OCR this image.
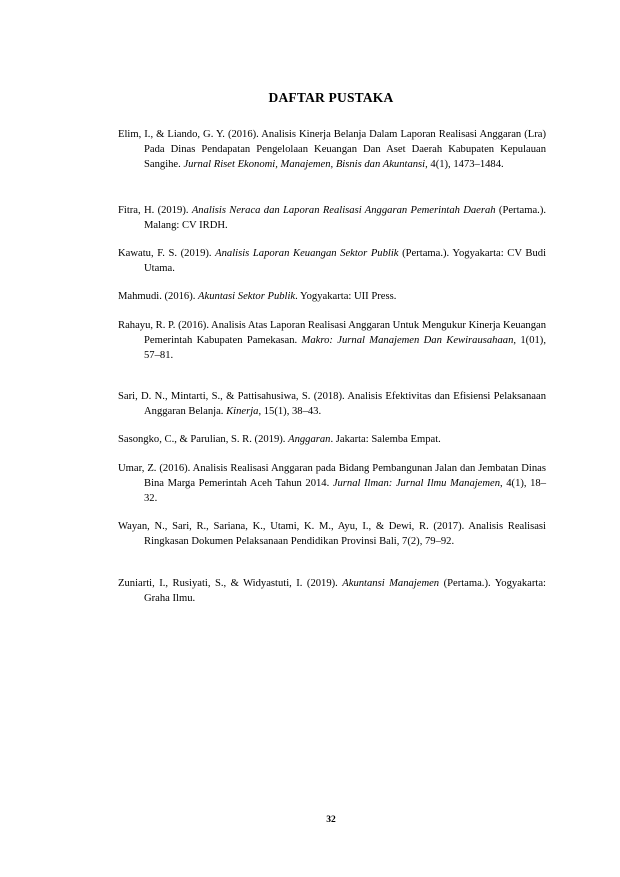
DAFTAR PUSTAKA
Elim, I., & Liando, G. Y. (2016). Analisis Kinerja Belanja Dalam Laporan Realisasi Anggaran (Lra) Pada Dinas Pendapatan Pengelolaan Keuangan Dan Aset Daerah Kabupaten Kepulauan Sangihe. Jurnal Riset Ekonomi, Manajemen, Bisnis dan Akuntansi, 4(1), 1473–1484.
Fitra, H. (2019). Analisis Neraca dan Laporan Realisasi Anggaran Pemerintah Daerah (Pertama.). Malang: CV IRDH.
Kawatu, F. S. (2019). Analisis Laporan Keuangan Sektor Publik (Pertama.). Yogyakarta: CV Budi Utama.
Mahmudi. (2016). Akuntasi Sektor Publik. Yogyakarta: UII Press.
Rahayu, R. P. (2016). Analisis Atas Laporan Realisasi Anggaran Untuk Mengukur Kinerja Keuangan Pemerintah Kabupaten Pamekasan. Makro: Jurnal Manajemen Dan Kewirausahaan, 1(01), 57–81.
Sari, D. N., Mintarti, S., & Pattisahusiwa, S. (2018). Analisis Efektivitas dan Efisiensi Pelaksanaan Anggaran Belanja. Kinerja, 15(1), 38–43.
Sasongko, C., & Parulian, S. R. (2019). Anggaran. Jakarta: Salemba Empat.
Umar, Z. (2016). Analisis Realisasi Anggaran pada Bidang Pembangunan Jalan dan Jembatan Dinas Bina Marga Pemerintah Aceh Tahun 2014. Jurnal Ilman: Jurnal Ilmu Manajemen, 4(1), 18–32.
Wayan, N., Sari, R., Sariana, K., Utami, K. M., Ayu, I., & Dewi, R. (2017). Analisis Realisasi Ringkasan Dokumen Pelaksanaan Pendidikan Provinsi Bali, 7(2), 79–92.
Zuniarti, I., Rusiyati, S., & Widyastuti, I. (2019). Akuntansi Manajemen (Pertama.). Yogyakarta: Graha Ilmu.
32
